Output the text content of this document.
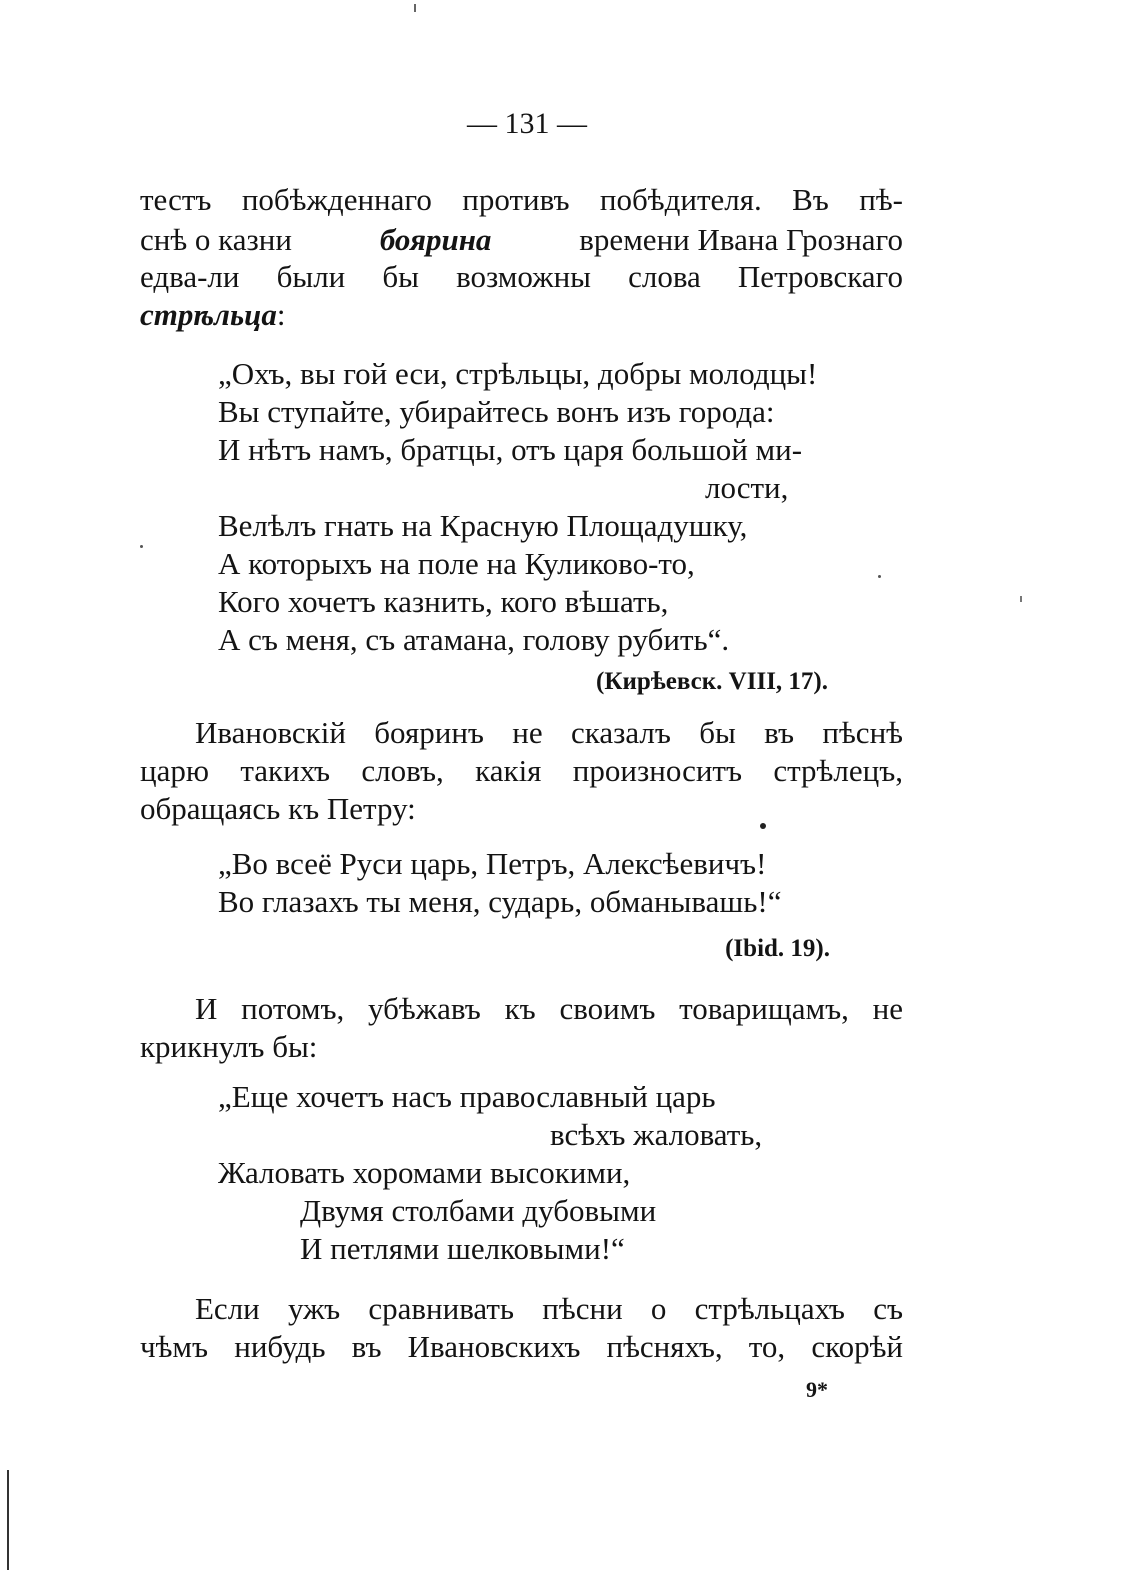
— 131 —
тестъ побѣжденнаго противъ побѣдителя. Въ пѣ-
снѣ о казни	боярина	времени Ивана Грознаго
едва-ли были бы возможны слова Петровскаго
стрѣльца:
„Охъ, вы гой еси, стрѣльцы, добры молодцы!
Вы ступайте, убирайтесь вонъ изъ города:
И нѣтъ намъ, братцы, отъ царя большой ми-
лости,
Велѣлъ гнать на Красную Площадушку,
А которыхъ на поле на Куликово-то,
Кого хочетъ казнить, кого вѣшать,
А съ меня, съ атамана, голову рубить“.
(Кирѣевск. VIII, 17).
Ивановскій бояринъ не сказалъ бы въ пѣснѣ
царю такихъ словъ, какія произноситъ стрѣлецъ,
обращаясь къ Петру:
„Во всеё Руси царь, Петръ, Алексѣевичъ!
Во глазахъ ты меня, сударь, обманывашь!“
(Ibid. 19).
И потомъ, убѣжавъ къ своимъ товарищамъ, не
крикнулъ бы:
„Еще хочетъ насъ православный царь
всѣхъ жаловать,
Жаловать хоромами высокими,
Двумя столбами дубовыми
И петлями шелковыми!“
Если ужъ сравнивать пѣсни о стрѣльцахъ съ
чѣмъ нибудь въ Ивановскихъ пѣсняхъ, то, скорѣй
9*
